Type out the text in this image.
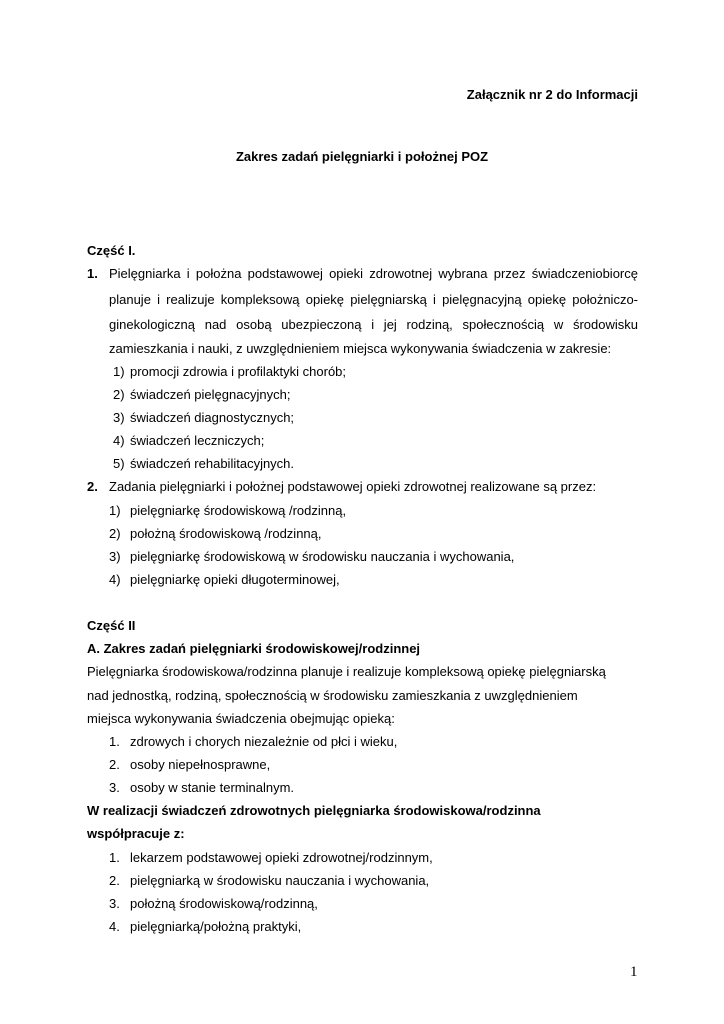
Załącznik nr 2 do Informacji
Zakres zadań pielęgniarki i położnej POZ
Część I.
1. Pielęgniarka i położna podstawowej opieki zdrowotnej wybrana przez świadczeniobiorcę
planuje i realizuje kompleksową opiekę pielęgniarską i pielęgnacyjną opiekę położniczo-
ginekologiczną nad osobą ubezpieczoną i jej rodziną, społecznością w środowisku
zamieszkania i nauki, z uwzględnieniem miejsca wykonywania świadczenia w zakresie:
1) promocji zdrowia i profilaktyki chorób;
2) świadczeń pielęgnacyjnych;
3) świadczeń diagnostycznych;
4) świadczeń leczniczych;
5) świadczeń rehabilitacyjnych.
2. Zadania pielęgniarki i położnej podstawowej opieki zdrowotnej realizowane są przez:
1) pielęgniarkę środowiskową /rodzinną,
2) położną środowiskową /rodzinną,
3) pielęgniarkę środowiskową w środowisku nauczania i wychowania,
4) pielęgniarkę opieki długoterminowej,
Część II
A. Zakres zadań pielęgniarki środowiskowej/rodzinnej
Pielęgniarka środowiskowa/rodzinna planuje i realizuje kompleksową opiekę pielęgniarską
nad jednostką, rodziną, społecznością w środowisku zamieszkania z uwzględnieniem
miejsca wykonywania świadczenia obejmując opieką:
1. zdrowych i chorych niezależnie od płci i wieku,
2. osoby niepełnosprawne,
3. osoby w stanie terminalnym.
W realizacji świadczeń zdrowotnych pielęgniarka środowiskowa/rodzinna
współpracuje z:
1. lekarzem podstawowej opieki zdrowotnej/rodzinnym,
2. pielęgniarką w środowisku nauczania i wychowania,
3. położną środowiskową/rodzinną,
4. pielęgniarką/położną praktyki,
1
